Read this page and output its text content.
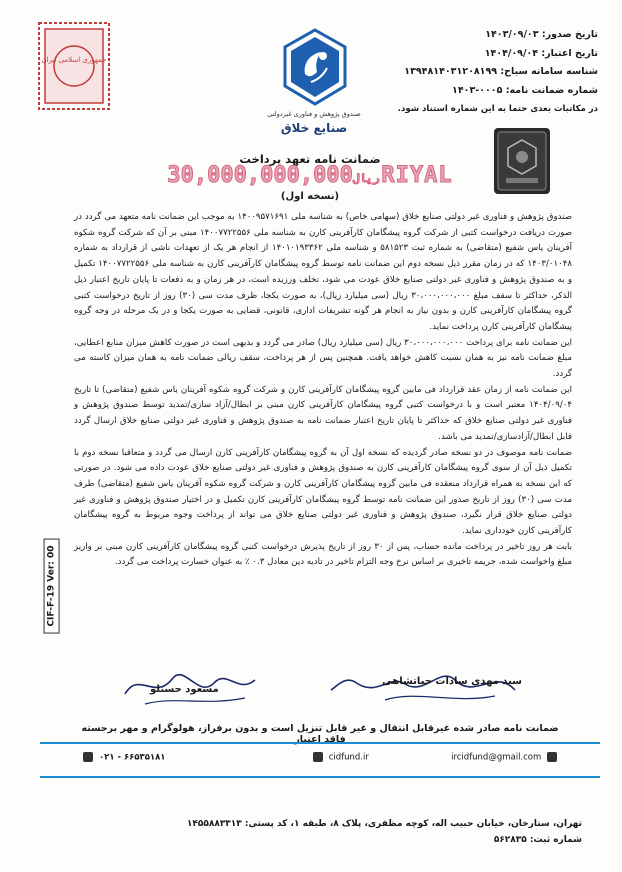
تاریخ صدور: ۱۴۰۳/۰۹/۰۳
تاریخ اعتبار: ۱۴۰۴/۰۹/۰۴
شناسه سامانه سیاح: ۱۳۹۴۸۱۴۰۳۱۲۰۸۱۹۹
شماره ضمانت نامه: ۰۰۰۵-۱۴۰۳
در مکاتبات بعدی حتما به این شماره استناد شود.
صندوق پژوهش و فناوری غیردولتی
صنایع خلاق
جمهوری اسلامی ایران
ضمانت نامه تعهد پرداخت
ریال30,000,000,000RIYAL
(نسخه اول)

صندوق پژوهش و فناوری غیر دولتی صنایع خلاق (سهامی خاص) به شناسه ملی ۱۴۰۰۹۵۷۱۶۹۱ به موجب این ضمانت نامه متعهد می گردد در صورت دریافت درخواست کتبی از شرکت گروه پیشگامان کارآفرینی کارن به شناسه ملی ۱۴۰۰۷۷۲۲۵۵۶ مبنی بر آن که شرکت گروه شکوه آفرینان یاس شفیع (متقاضی) به شماره ثبت ۵۸۱۵۲۳ و شناسه ملی ۱۴۰۱۰۱۹۳۳۶۲ از انجام هر یک از تعهدات ناشی از قرارداد به شماره ۱۴۰۳/۰۱۰۴۸ که در زمان مقرر ذیل نسخه دوم این ضمانت نامه توسط گروه پیشگامان کارآفرینی کارن به شناسه ملی ۱۴۰۰۷۷۲۲۵۵۶ تکمیل و به صندوق پژوهش و فناوری غیر دولتی صنایع خلاق عودت می شود، تخلف ورزیده است، در هر زمان و به دفعات تا پایان تاریخ اعتبار ذیل الذکر، حداکثر تا سقف مبلغ ۳۰،۰۰۰،۰۰۰،۰۰۰ ریال (سی میلیارد ریال)، به صورت یکجا، ظرف مدت سی (۳۰) روز از تاریخ درخواست کتبی گروه پیشگامان کارآفرینی کارن و بدون نیاز به انجام هر گونه تشریفات اداری، قانونی، قضایی به صورت یکجا و در یک مرحله در وجه گروه پیشگامان کارآفرینی کارن پرداخت نماید.

این ضمانت نامه برای پرداخت ۳۰،۰۰۰،۰۰۰،۰۰۰ ریال (سی میلیارد ریال) صادر می گردد و بدیهی است در صورت کاهش میزان منابع اعطایی، مبلغ ضمانت نامه نیز به همان نسبت کاهش خواهد یافت. همچنین پس از هر پرداخت، سقف ریالی ضمانت نامه به همان میزان کاسته می گردد.

این ضمانت نامه از زمان عقد قرارداد فی مابین گروه پیشگامان کارآفرینی کارن و شرکت گروه شکوه آفرینان یاس شفیع (متقاضی) تا تاریخ ۱۴۰۴/۰۹/۰۴ معتبر است و با درخواست کتبی گروه پیشگامان کارآفرینی کارن مبنی بر ابطال/آزاد سازی/تمدید توسط صندوق پژوهش و فناوری غیر دولتی صنایع خلاق که حداکثر تا پایان تاریخ اعتبار ضمانت نامه به صندوق پژوهش و فناوری غیر دولتی صنایع خلاق ارسال گردد قابل ابطال/آزادسازی/تمدید می باشد.

ضمانت نامه موصوف در دو نسخه صادر گردیده که نسخه اول آن به گروه پیشگامان کارآفرینی کارن ارسال می گردد و متعاقبا نسخه دوم با تکمیل ذیل آن از سوی گروه پیشگامان کارآفرینی کارن به صندوق پژوهش و فناوری غیر دولتی صنایع خلاق عودت داده می شود. در صورتی که این نسخه به همراه قرارداد منعقده فی مابین گروه پیشگامان کارآفرینی کارن و شرکت گروه شکوه آفرینان یاس شفیع (متقاضی) طرف مدت سی (۳۰) روز از تاریخ صدور این ضمانت نامه توسط گروه پیشگامان کارآفرینی کارن تکمیل و در اختیار صندوق پژوهش و فناوری غیر دولتی صنایع خلاق قرار نگیرد، صندوق پژوهش و فناوری غیر دولتی صنایع خلاق می تواند از پرداخت وجوه مربوط به گروه پیشگامان کارآفرینی کارن خودداری نماید.

بابت هر روز تاخیر در پرداخت مانده حساب، پس از ۳۰ روز از تاریخ پذیرش درخواست کتبی گروه پیشگامان کارآفرینی کارن مبنی بر واریز مبلغ واخواست شده، جریمه تاخیری بر اساس نرخ وجه التزام تاخیر در تادیه دین معادل ۰.۳ ٪ به عنوان خسارت پرداخت می گردد.

CIF-F-19 Ver: 00
سید مهدی سادات حیاتشاهی
مسعود حسنلو
ضمانت نامه صادر شده غیرقابل انتقال و غیر قابل تنزیل است و بدون برفراز، هولوگرام و مهر برجسته فاقد اعتبار
۰۲۱ - ۶۶۵۳۵۱۸۱	cidfund.ir	ircidfund@gmail.com
تهران، ستارخان، خیابان حبیب اله، کوچه مظفری، پلاک ۸، طبقه ۱، کد پستی: ۱۴۵۵۸۸۳۳۱۳
شماره ثبت: ۵۶۲۸۳۵
